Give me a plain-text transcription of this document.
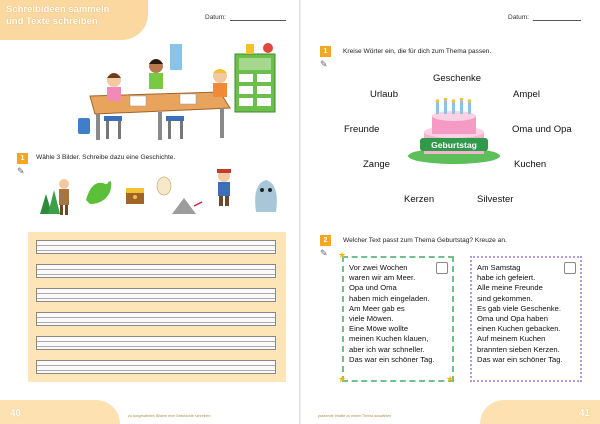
Schreibideen sammeln
und Texte schreiben	Datum:
1
✎
Wähle 3 Bilder. Schreibe dazu eine Geschichte.
40	zu ausgewählten Bildern eine Geschichte schreiben
Datum:
1
✎
Kreise Wörter ein, die für dich zum Thema passen.
Geschenke
Urlaub	Ampel
Freunde	Oma und Opa
Zange	Kuchen
Kerzen	Silvester
Geburtstag
2
✎
Welcher Text passt zum Thema Geburtstag? Kreuze an.

Vor zwei Wochen

waren wir am Meer.

Opa und Oma

haben mich eingeladen.

Am Meer gab es

viele Möwen.

Eine Möwe wollte

meinen Kuchen klauen,

aber ich war schneller.

Das war ein schöner Tag.

★	★
★

Am Samstag

habe ich gefeiert.

Alle meine Freunde

sind gekommen.

Es gab viele Geschenke.

Oma und Opa haben

einen Kuchen gebacken.

Auf meinem Kuchen

brannten sieben Kerzen.

Das war ein schöner Tag.

41
passende Inhalte zu einem Thema auswählen
